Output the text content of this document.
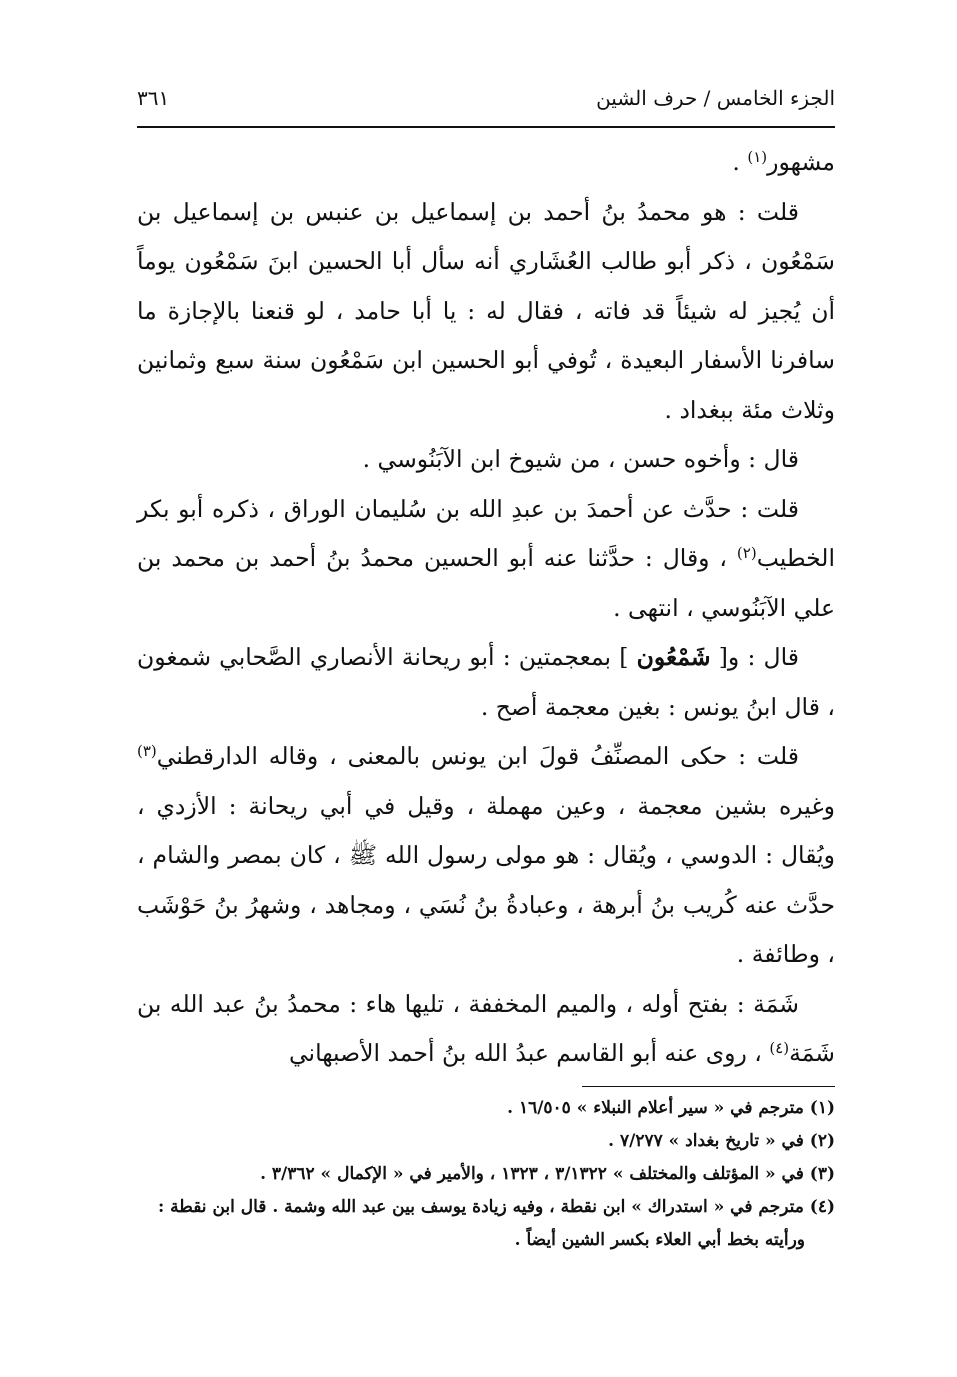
الجزء الخامس / حرف الشين
٣٦١

مشهور$^{(١)}$ .

قلت : هو محمدُ بنُ أحمد بن إسماعيل بن عنبس بن إسماعيل بن سَمْعُون ، ذكر أبو طالب العُشَاري أنه سأل أبا الحسين ابنَ سَمْعُون يوماً أن يُجيز له شيئاً قد فاته ، فقال له : يا أبا حامد ، لو قنعنا بالإجازة ما سافرنا الأسفار البعيدة ، تُوفي أبو الحسين ابن سَمْعُون سنة سبع وثمانين وثلاث مئة ببغداد .

قال : وأخوه حسن ، من شيوخ ابن الآبَنُوسي .

قلت : حدَّث عن أحمدَ بن عبدِ الله بن سُليمان الوراق ، ذكره أبو بكر الخطيب$^{(٢)}$ ، وقال : حدَّثنا عنه أبو الحسين محمدُ بنُ أحمد بن محمد بن علي الآبَنُوسي ، انتهى .

قال : و[ شَمْعُون ] بمعجمتين : أبو ريحانة الأنصاري الصَّحابي شمغون ، قال ابنُ يونس : بغين معجمة أصح .

قلت : حكى المصنِّفُ قولَ ابن يونس بالمعنى ، وقاله الدارقطني$^{(٣)}$ وغيره بشين معجمة ، وعين مهملة ، وقيل في أبي ريحانة : الأزدي ، ويُقال : الدوسي ، ويُقال : هو مولى رسول الله ﷺ ، كان بمصر والشام ، حدَّث عنه كُريب بنُ أبرهة ، وعبادةُ بنُ نُسَي ، ومجاهد ، وشهرُ بنُ حَوْشَب ، وطائفة .

شَمَة : بفتح أوله ، والميم المخففة ، تليها هاء : محمدُ بنُ عبد الله بن شَمَة$^{(٤)}$ ، روى عنه أبو القاسم عبدُ الله بنُ أحمد الأصبهاني

(١) مترجم في « سير أعلام النبلاء » ١٦/٥٠٥ .

(٢) في « تاريخ بغداد » ٧/٢٧٧ .

(٣) في « المؤتلف والمختلف » ٣/١٣٢٢ ، ١٣٢٣ ، والأمير في « الإكمال » ٣/٣٦٢ .

(٤) مترجم في « استدراك » ابن نقطة ، وفيه زيادة يوسف بين عبد الله وشمة . قال ابن نقطة :

ورأيته بخط أبي العلاء بكسر الشين أيضاً .
